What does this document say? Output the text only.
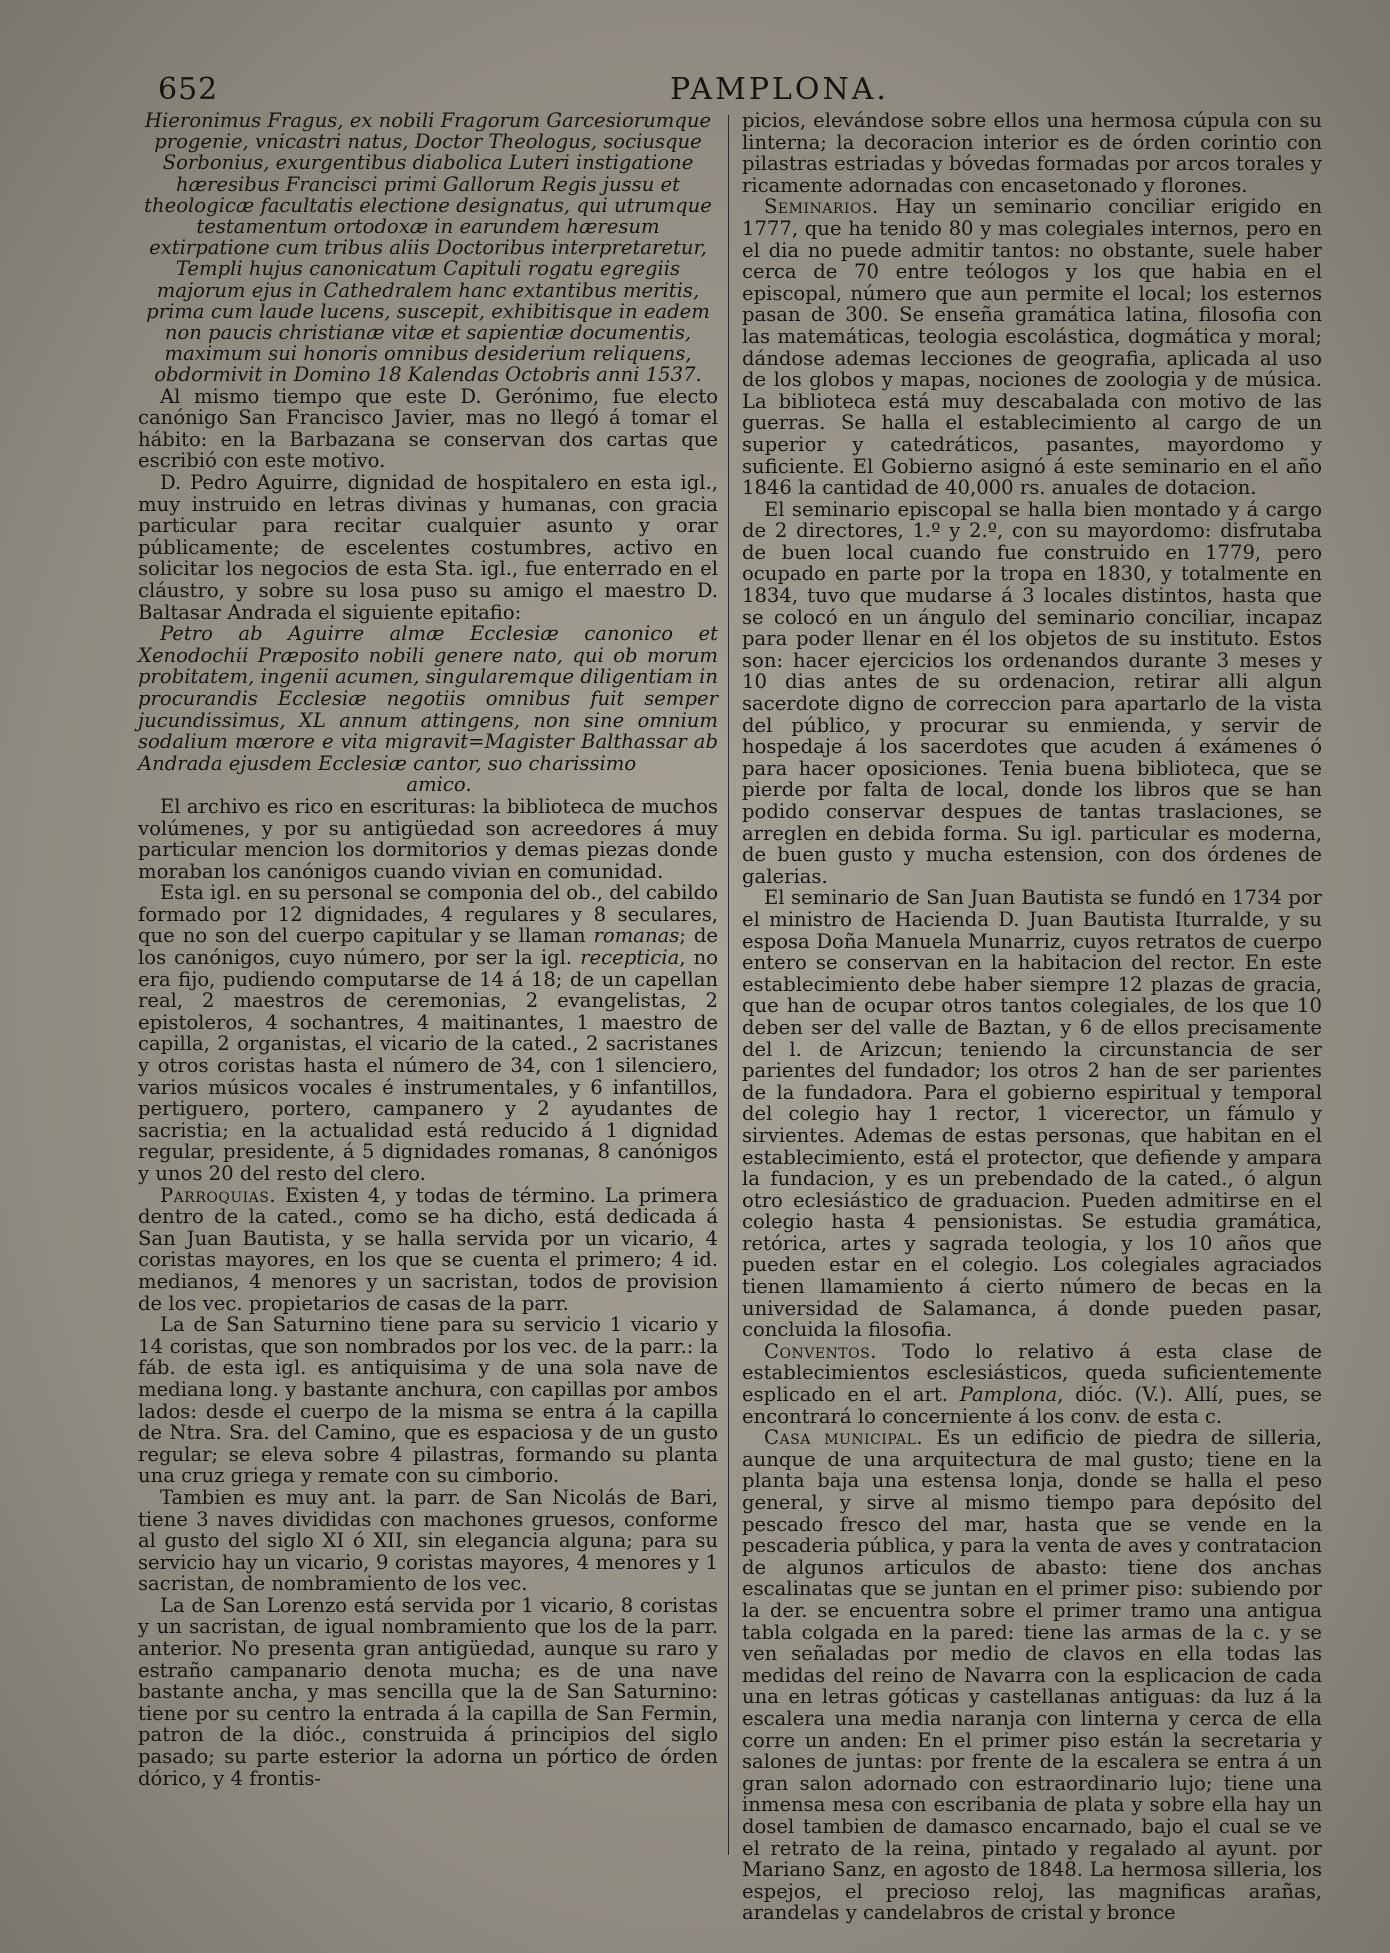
652	PAMPLONA.

Hieronimus Fragus, ex nobili Fragorum Garcesiorumque progenie, vnicastri natus, Doctor Theologus, sociusque Sorbonius, exurgentibus diabolica Luteri instigatione hæresibus Francisci primi Gallorum Regis jussu et theologicæ facultatis electione designatus, qui utrumque testamentum ortodoxæ in earundem hæresum extirpatione cum tribus aliis Doctoribus interpretaretur, Templi hujus canonicatum Capituli rogatu egregiis majorum ejus in Cathedralem hanc extantibus meritis, prima cum laude lucens, suscepit, exhibitisque in eadem non paucis christianæ vitæ et sapientiæ documentis, maximum sui honoris omnibus desiderium reliquens, obdormivit in Domino 18 Kalendas Octobris anni 1537.

Al mismo tiempo que este D. Gerónimo, fue electo canónigo San Francisco Javier, mas no llegó á tomar el hábito: en la Barbazana se conservan dos cartas que escribió con este motivo.

D. Pedro Aguirre, dignidad de hospitalero en esta igl., muy instruido en letras divinas y humanas, con gracia particular para recitar cualquier asunto y orar públicamente; de escelentes costumbres, activo en solicitar los negocios de esta Sta. igl., fue enterrado en el cláustro, y sobre su losa puso su amigo el maestro D. Baltasar Andrada el siguiente epitafio:

Petro ab Aguirre almæ Ecclesiæ canonico et Xenodochii Præposito nobili genere nato, qui ob morum probitatem, ingenii acumen, singularemque diligentiam in procurandis Ecclesiæ negotiis omnibus fuit semper jucundissimus, XL annum attingens, non sine omnium sodalium mœrore e vita migravit=Magister Balthassar ab Andrada ejusdem Ecclesiæ cantor, suo charissimo

amico.

El archivo es rico en escrituras: la biblioteca de muchos volúmenes, y por su antigüedad son acreedores á muy particular mencion los dormitorios y demas piezas donde moraban los canónigos cuando vivian en comunidad.

Esta igl. en su personal se componia del ob., del cabildo formado por 12 dignidades, 4 regulares y 8 seculares, que no son del cuerpo capitular y se llaman romanas; de los canónigos, cuyo número, por ser la igl. recepticia, no era fijo, pudiendo computarse de 14 á 18; de un capellan real, 2 maestros de ceremonias, 2 evangelistas, 2 epistoleros, 4 sochantres, 4 maitinantes, 1 maestro de capilla, 2 organistas, el vicario de la cated., 2 sacristanes y otros coristas hasta el número de 34, con 1 silenciero, varios músicos vocales é instrumentales, y 6 infantillos, pertiguero, portero, campanero y 2 ayudantes de sacristia; en la actualidad está reducido á 1 dignidad regular, presidente, á 5 dignidades romanas, 8 canónigos y unos 20 del resto del clero.

Parroquias. Existen 4, y todas de término. La primera dentro de la cated., como se ha dicho, está dedicada á San Juan Bautista, y se halla servida por un vicario, 4 coristas mayores, en los que se cuenta el primero; 4 id. medianos, 4 menores y un sacristan, todos de provision de los vec. propietarios de casas de la parr.

La de San Saturnino tiene para su servicio 1 vicario y 14 coristas, que son nombrados por los vec. de la parr.: la fáb. de esta igl. es antiquisima y de una sola nave de mediana long. y bastante anchura, con capillas por ambos lados: desde el cuerpo de la misma se entra á la capilla de Ntra. Sra. del Camino, que es espaciosa y de un gusto regular; se eleva sobre 4 pilastras, formando su planta una cruz griega y remate con su cimborio.

Tambien es muy ant. la parr. de San Nicolás de Bari, tiene 3 naves divididas con machones gruesos, conforme al gusto del siglo XI ó XII, sin elegancia alguna; para su servicio hay un vicario, 9 coristas mayores, 4 menores y 1 sacristan, de nombramiento de los vec.

La de San Lorenzo está servida por 1 vicario, 8 coristas y un sacristan, de igual nombramiento que los de la parr. anterior. No presenta gran antigüedad, aunque su raro y estraño campanario denota mucha; es de una nave bastante ancha, y mas sencilla que la de San Saturnino: tiene por su centro la entrada á la capilla de San Fermin, patron de la dióc., construida á principios del siglo pasado; su parte esterior la adorna un pórtico de órden dórico, y 4 frontis-

picios, elevándose sobre ellos una hermosa cúpula con su linterna; la decoracion interior es de órden corintio con pilastras estriadas y bóvedas formadas por arcos torales y ricamente adornadas con encasetonado y florones.

Seminarios. Hay un seminario conciliar erigido en 1777, que ha tenido 80 y mas colegiales internos, pero en el dia no puede admitir tantos: no obstante, suele haber cerca de 70 entre teólogos y los que habia en el episcopal, número que aun permite el local; los esternos pasan de 300. Se enseña gramática latina, filosofia con las matemáticas, teologia escolástica, dogmática y moral; dándose ademas lecciones de geografia, aplicada al uso de los globos y mapas, nociones de zoologia y de música. La biblioteca está muy descabalada con motivo de las guerras. Se halla el establecimiento al cargo de un superior y catedráticos, pasantes, mayordomo y suficiente. El Gobierno asignó á este seminario en el año 1846 la cantidad de 40,000 rs. anuales de dotacion.

El seminario episcopal se halla bien montado y á cargo de 2 directores, 1.º y 2.º, con su mayordomo: disfrutaba de buen local cuando fue construido en 1779, pero ocupado en parte por la tropa en 1830, y totalmente en 1834, tuvo que mudarse á 3 locales distintos, hasta que se colocó en un ángulo del seminario conciliar, incapaz para poder llenar en él los objetos de su instituto. Estos son: hacer ejercicios los ordenandos durante 3 meses y 10 dias antes de su ordenacion, retirar alli algun sacerdote digno de correccion para apartarlo de la vista del público, y procurar su enmienda, y servir de hospedaje á los sacerdotes que acuden á exámenes ó para hacer oposiciones. Tenia buena biblioteca, que se pierde por falta de local, donde los libros que se han podido conservar despues de tantas traslaciones, se arreglen en debida forma. Su igl. particular es moderna, de buen gusto y mucha estension, con dos órdenes de galerias.

El seminario de San Juan Bautista se fundó en 1734 por el ministro de Hacienda D. Juan Bautista Iturralde, y su esposa Doña Manuela Munarriz, cuyos retratos de cuerpo entero se conservan en la habitacion del rector. En este establecimiento debe haber siempre 12 plazas de gracia, que han de ocupar otros tantos colegiales, de los que 10 deben ser del valle de Baztan, y 6 de ellos precisamente del l. de Arizcun; teniendo la circunstancia de ser parientes del fundador; los otros 2 han de ser parientes de la fundadora. Para el gobierno espiritual y temporal del colegio hay 1 rector, 1 vicerector, un fámulo y sirvientes. Ademas de estas personas, que habitan en el establecimiento, está el protector, que defiende y ampara la fundacion, y es un prebendado de la cated., ó algun otro eclesiástico de graduacion. Pueden admitirse en el colegio hasta 4 pensionistas. Se estudia gramática, retórica, artes y sagrada teologia, y los 10 años que pueden estar en el colegio. Los colegiales agraciados tienen llamamiento á cierto número de becas en la universidad de Salamanca, á donde pueden pasar, concluida la filosofia.

Conventos. Todo lo relativo á esta clase de establecimientos esclesiásticos, queda suficientemente esplicado en el art. Pamplona, dióc. (V.). Allí, pues, se encontrará lo concerniente á los conv. de esta c.

Casa municipal. Es un edificio de piedra de silleria, aunque de una arquitectura de mal gusto; tiene en la planta baja una estensa lonja, donde se halla el peso general, y sirve al mismo tiempo para depósito del pescado fresco del mar, hasta que se vende en la pescaderia pública, y para la venta de aves y contratacion de algunos articulos de abasto: tiene dos anchas escalinatas que se juntan en el primer piso: subiendo por la der. se encuentra sobre el primer tramo una antigua tabla colgada en la pared: tiene las armas de la c. y se ven señaladas por medio de clavos en ella todas las medidas del reino de Navarra con la esplicacion de cada una en letras góticas y castellanas antiguas: da luz á la escalera una media naranja con linterna y cerca de ella corre un anden: En el primer piso están la secretaria y salones de juntas: por frente de la escalera se entra á un gran salon adornado con estraordinario lujo; tiene una inmensa mesa con escribania de plata y sobre ella hay un dosel tambien de damasco encarnado, bajo el cual se ve el retrato de la reina, pintado y regalado al ayunt. por Mariano Sanz, en agosto de 1848. La hermosa silleria, los espejos, el precioso reloj, las magnificas arañas, arandelas y candelabros de cristal y bronce
